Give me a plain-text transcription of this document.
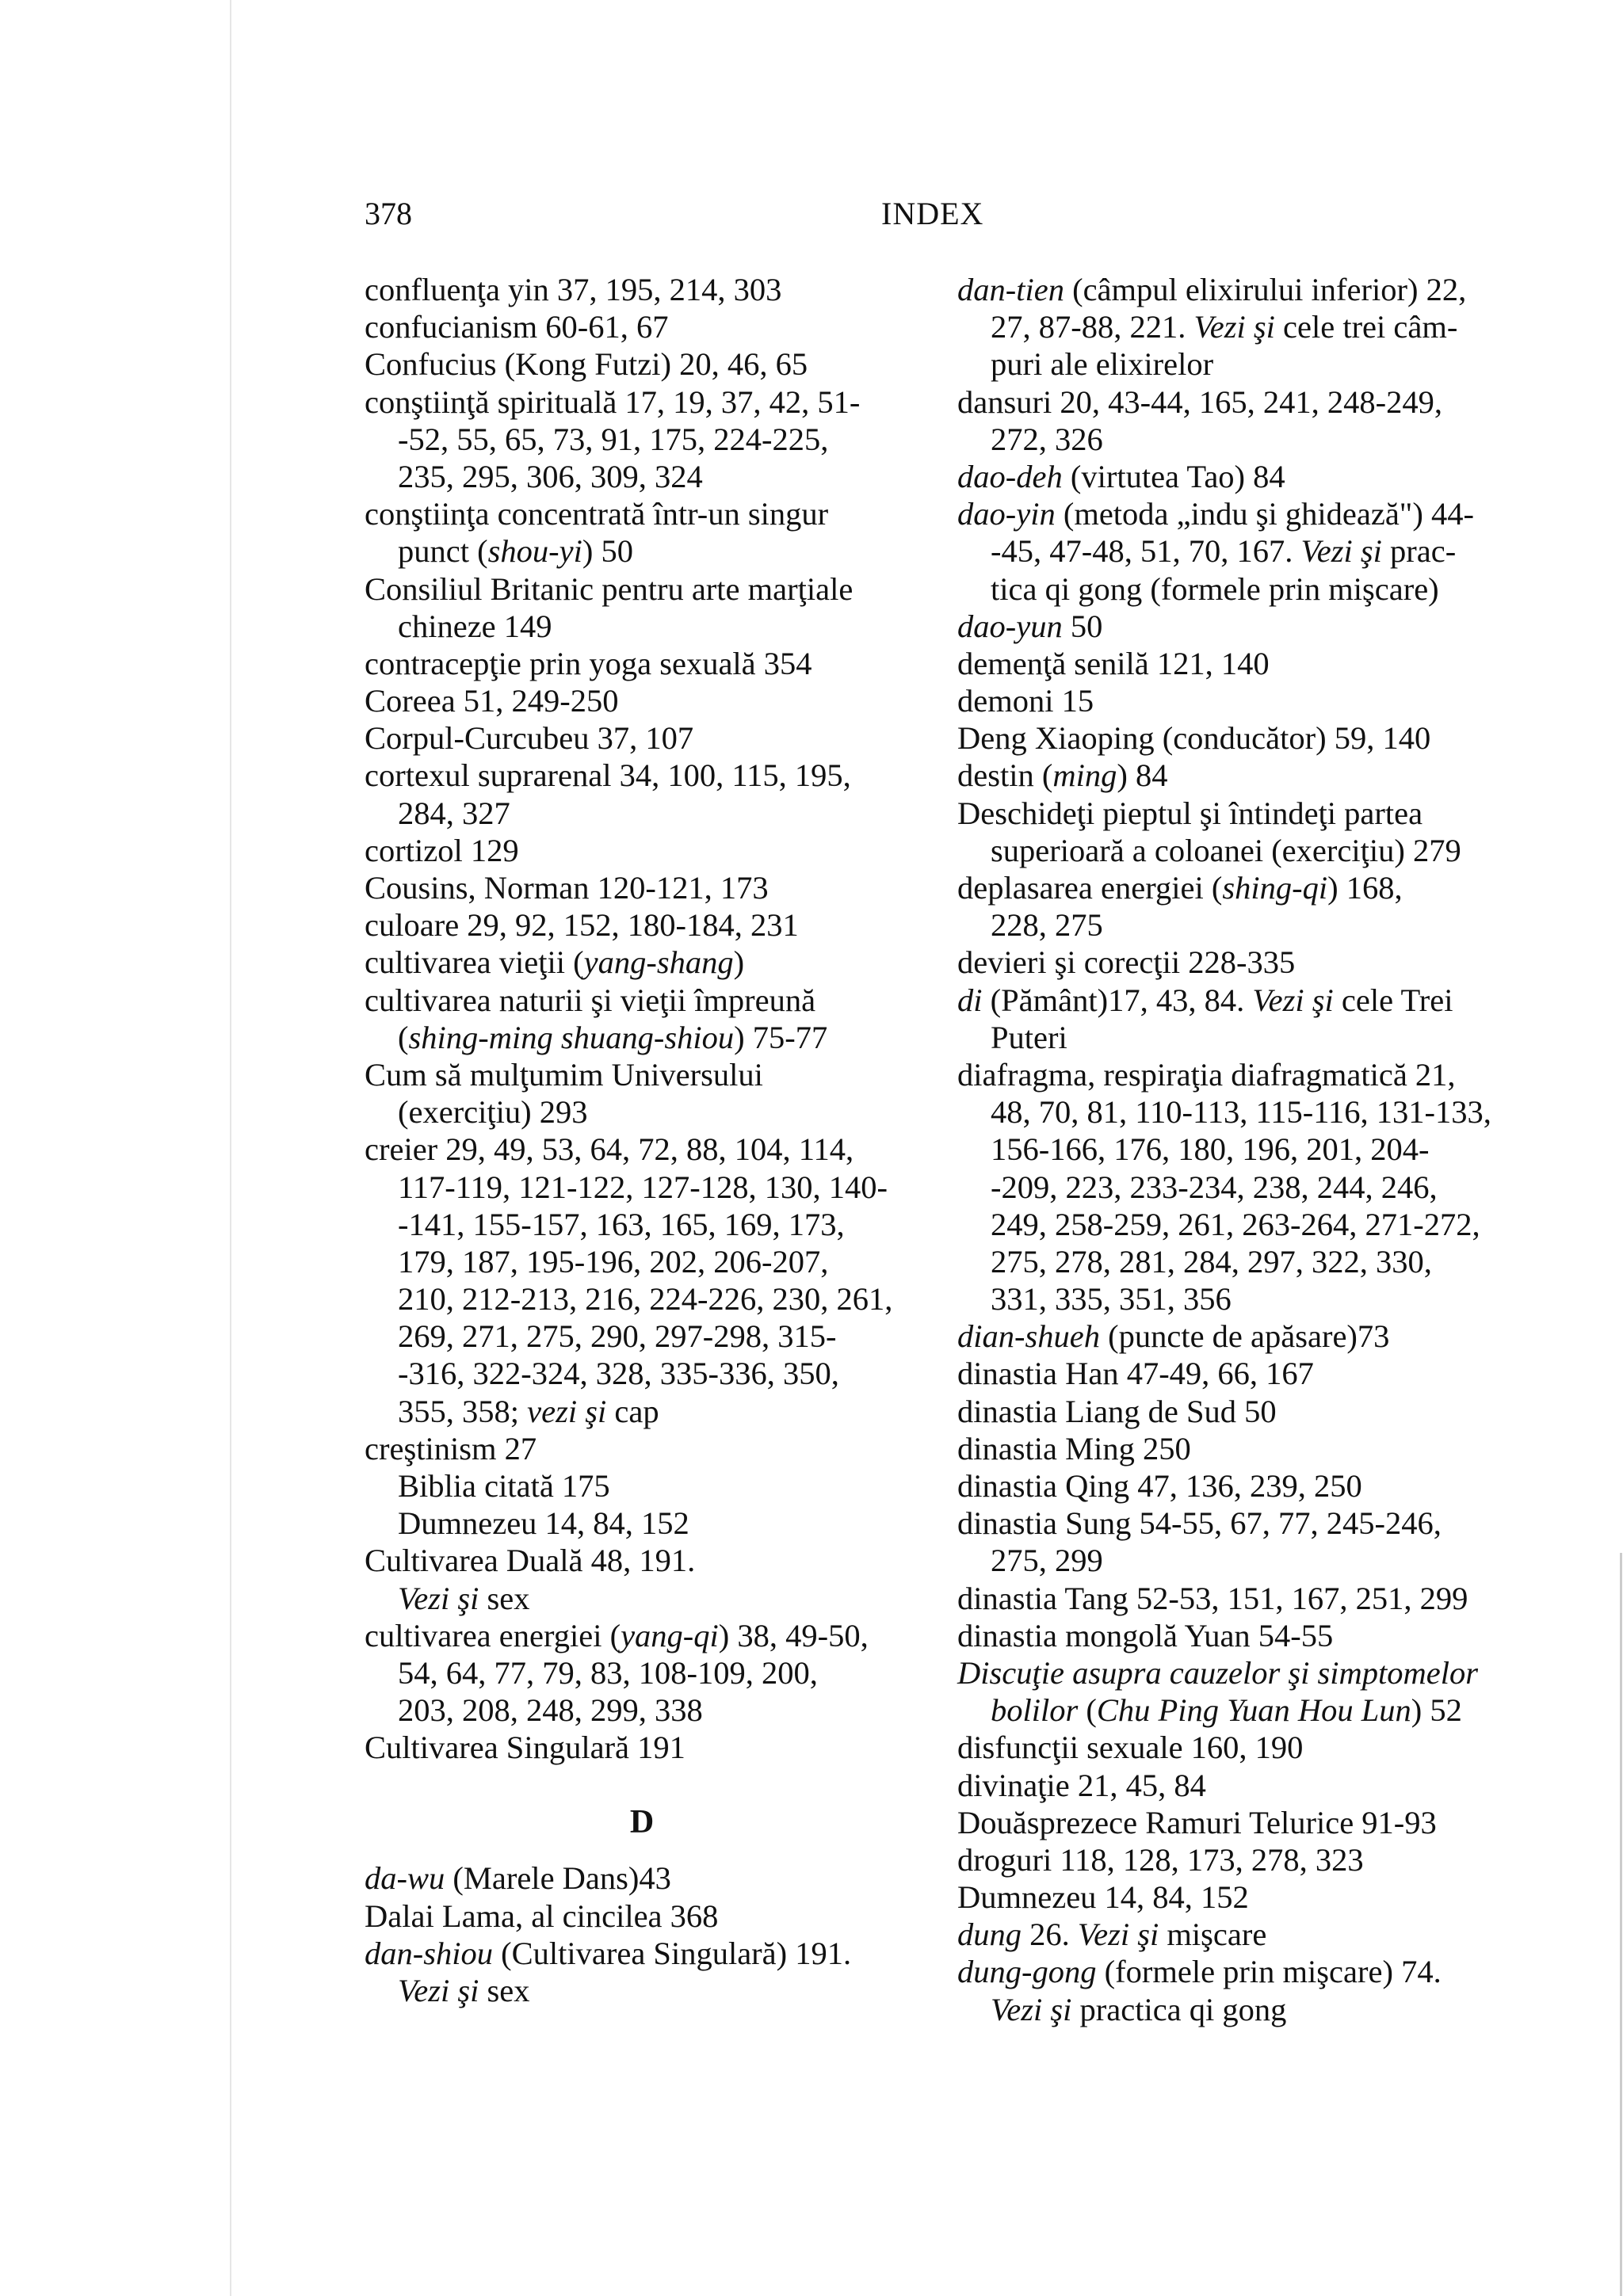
378	INDEX
confluenţa yin 37, 195, 214, 303
confucianism 60-61, 67
Confucius (Kong Futzi) 20, 46, 65
conştiinţă spirituală 17, 19, 37, 42, 51-
-52, 55, 65, 73, 91, 175, 224-225,
235, 295, 306, 309, 324
conştiinţa concentrată într-un singur
punct (shou-yi) 50
Consiliul Britanic pentru arte marţiale
chineze 149
contracepţie prin yoga sexuală 354
Coreea 51, 249-250
Corpul-Curcubeu 37, 107
cortexul suprarenal 34, 100, 115, 195,
284, 327
cortizol 129
Cousins, Norman 120-121, 173
culoare 29, 92, 152, 180-184, 231
cultivarea vieţii (yang-shang)
cultivarea naturii şi vieţii împreună
(shing-ming shuang-shiou) 75-77
Cum să mulţumim Universului
(exerciţiu) 293
creier 29, 49, 53, 64, 72, 88, 104, 114,
117-119, 121-122, 127-128, 130, 140-
-141, 155-157, 163, 165, 169, 173,
179, 187, 195-196, 202, 206-207,
210, 212-213, 216, 224-226, 230, 261,
269, 271, 275, 290, 297-298, 315-
-316, 322-324, 328, 335-336, 350,
355, 358; vezi şi cap
creştinism 27
Biblia citată 175
Dumnezeu 14, 84, 152
Cultivarea Duală 48, 191.
Vezi şi sex
cultivarea energiei (yang-qi) 38, 49-50,
54, 64, 77, 79, 83, 108-109, 200,
203, 208, 248, 299, 338
Cultivarea Singulară 191
D
da-wu (Marele Dans)43
Dalai Lama, al cincilea 368
dan-shiou (Cultivarea Singulară) 191.
Vezi şi sex
dan-tien (câmpul elixirului inferior) 22,
27, 87-88, 221. Vezi şi cele trei câm-
puri ale elixirelor
dansuri 20, 43-44, 165, 241, 248-249,
272, 326
dao-deh (virtutea Tao) 84
dao-yin (metoda „indu şi ghidează") 44-
-45, 47-48, 51, 70, 167. Vezi şi prac-
tica qi gong (formele prin mişcare)
dao-yun 50
demenţă senilă 121, 140
demoni 15
Deng Xiaoping (conducător) 59, 140
destin (ming) 84
Deschideţi pieptul şi întindeţi partea
superioară a coloanei (exerciţiu) 279
deplasarea energiei (shing-qi) 168,
228, 275
devieri şi corecţii 228-335
di (Pământ)17, 43, 84. Vezi şi cele Trei
Puteri
diafragma, respiraţia diafragmatică 21,
48, 70, 81, 110-113, 115-116, 131-133,
156-166, 176, 180, 196, 201, 204-
-209, 223, 233-234, 238, 244, 246,
249, 258-259, 261, 263-264, 271-272,
275, 278, 281, 284, 297, 322, 330,
331, 335, 351, 356
dian-shueh (puncte de apăsare)73
dinastia Han 47-49, 66, 167
dinastia Liang de Sud 50
dinastia Ming 250
dinastia Qing 47, 136, 239, 250
dinastia Sung 54-55, 67, 77, 245-246,
275, 299
dinastia Tang 52-53, 151, 167, 251, 299
dinastia mongolă Yuan 54-55
Discuţie asupra cauzelor şi simptomelor
bolilor (Chu Ping Yuan Hou Lun) 52
disfuncţii sexuale 160, 190
divinaţie 21, 45, 84
Douăsprezece Ramuri Telurice 91-93
droguri 118, 128, 173, 278, 323
Dumnezeu 14, 84, 152
dung 26. Vezi şi mişcare
dung-gong (formele prin mişcare) 74.
Vezi şi practica qi gong
